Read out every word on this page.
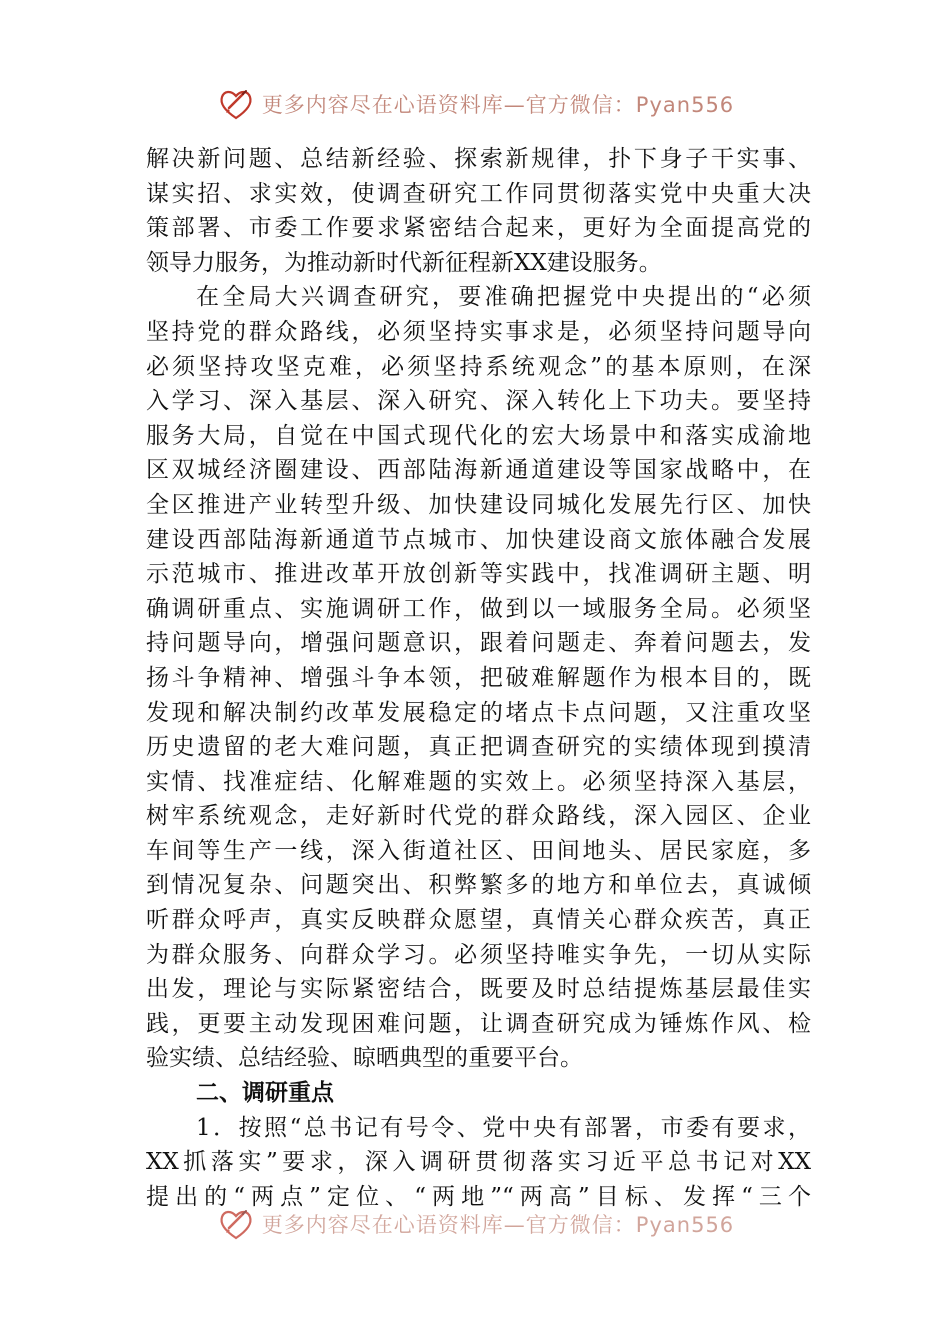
更多内容尽在心语资料库—官方微信：Pyan556
更多内容尽在心语资料库—官方微信：Pyan556
解决新问题、总结新经验、探索新规律，扑下身子干实事、
谋实招、求实效，使调查研究工作同贯彻落实党中央重大决
策部署、市委工作要求紧密结合起来，更好为全面提高党的
领导力服务，为推动新时代新征程新XX建设服务。
在全局大兴调查研究，要准确把握党中央提出的“必须
坚持党的群众路线，必须坚持实事求是，必须坚持问题导向
必须坚持攻坚克难，必须坚持系统观念”的基本原则，在深
入学习、深入基层、深入研究、深入转化上下功夫。要坚持
服务大局，自觉在中国式现代化的宏大场景中和落实成渝地
区双城经济圈建设、西部陆海新通道建设等国家战略中，在
全区推进产业转型升级、加快建设同城化发展先行区、加快
建设西部陆海新通道节点城市、加快建设商文旅体融合发展
示范城市、推进改革开放创新等实践中，找准调研主题、明
确调研重点、实施调研工作，做到以一域服务全局。必须坚
持问题导向，增强问题意识，跟着问题走、奔着问题去，发
扬斗争精神、增强斗争本领，把破难解题作为根本目的，既
发现和解决制约改革发展稳定的堵点卡点问题，又注重攻坚
历史遗留的老大难问题，真正把调查研究的实绩体现到摸清
实情、找准症结、化解难题的实效上。必须坚持深入基层，
树牢系统观念，走好新时代党的群众路线，深入园区、企业
车间等生产一线，深入街道社区、田间地头、居民家庭，多
到情况复杂、问题突出、积弊繁多的地方和单位去，真诚倾
听群众呼声，真实反映群众愿望，真情关心群众疾苦，真正
为群众服务、向群众学习。必须坚持唯实争先，一切从实际
出发，理论与实际紧密结合，既要及时总结提炼基层最佳实
践，更要主动发现困难问题，让调查研究成为锤炼作风、检
验实绩、总结经验、晾晒典型的重要平台。
二、调研重点
1．按照“总书记有号令、党中央有部署，市委有要求，
XX抓落实”要求，深入调研贯彻落实习近平总书记对XX
提出的“两点”定位、“两地”“两高”目标、发挥“三个
